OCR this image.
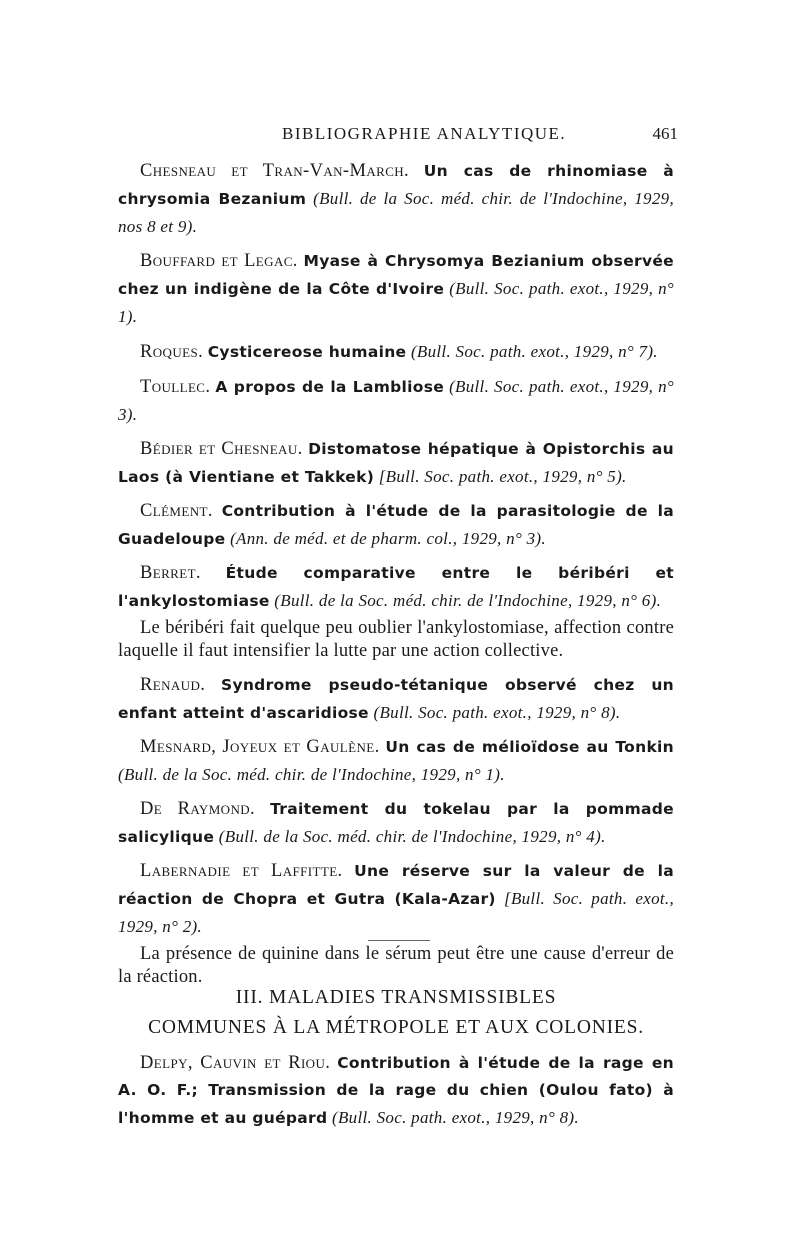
BIBLIOGRAPHIE ANALYTIQUE.	461

Chesneau et Tran-Van-March. Un cas de rhinomiase à chrysomia Bezanium (Bull. de la Soc. méd. chir. de l'Indochine, 1929, nos 8 et 9).

Bouffard et Legac. Myase à Chrysomya Bezianium observée chez un indigène de la Côte d'Ivoire (Bull. Soc. path. exot., 1929, n° 1).

Roques. Cysticereose humaine (Bull. Soc. path. exot., 1929, n° 7).

Toullec. A propos de la Lambliose (Bull. Soc. path. exot., 1929, n° 3).

Bédier et Chesneau. Distomatose hépatique à Opistorchis au Laos (à Vientiane et Takkek) [Bull. Soc. path. exot., 1929, n° 5).

Clément. Contribution à l'étude de la parasitologie de la Guadeloupe (Ann. de méd. et de pharm. col., 1929, n° 3).

Berret. Étude comparative entre le béribéri et l'ankylostomiase (Bull. de la Soc. méd. chir. de l'Indochine, 1929, n° 6).

Le béribéri fait quelque peu oublier l'ankylostomiase, affection contre laquelle il faut intensifier la lutte par une action collective.

Renaud. Syndrome pseudo-tétanique observé chez un enfant atteint d'ascaridiose (Bull. Soc. path. exot., 1929, n° 8).

Mesnard, Joyeux et Gaulène. Un cas de mélioïdose au Tonkin (Bull. de la Soc. méd. chir. de l'Indochine, 1929, n° 1).

De Raymond. Traitement du tokelau par la pommade salicylique (Bull. de la Soc. méd. chir. de l'Indochine, 1929, n° 4).

Labernadie et Laffitte. Une réserve sur la valeur de la réaction de Chopra et Gutra (Kala-Azar) [Bull. Soc. path. exot., 1929, n° 2).

La présence de quinine dans le sérum peut être une cause d'erreur de la réaction.

III. MALADIES TRANSMISSIBLES
COMMUNES À LA MÉTROPOLE ET AUX COLONIES.

Delpy, Cauvin et Riou. Contribution à l'étude de la rage en A. O. F.; Transmission de la rage du chien (Oulou fato) à l'homme et au guépard (Bull. Soc. path. exot., 1929, n° 8).
